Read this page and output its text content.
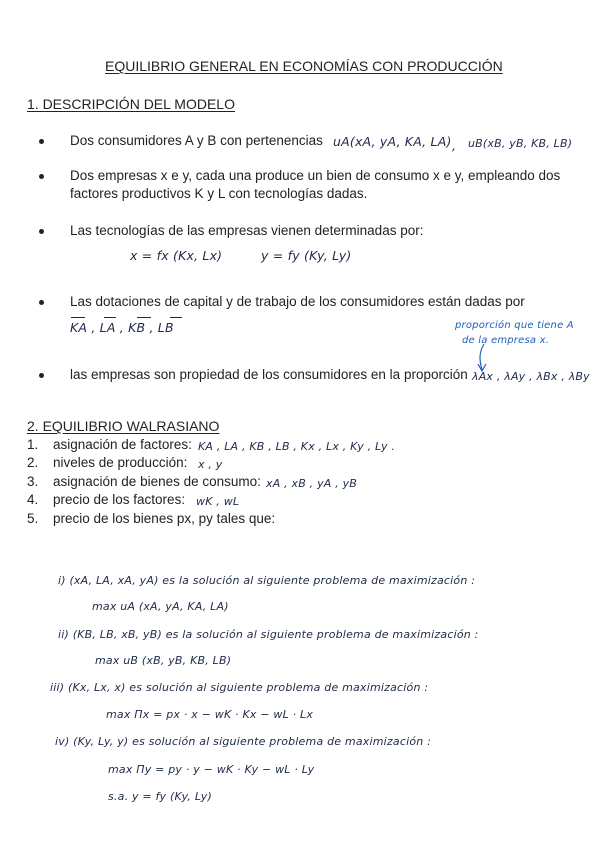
EQUILIBRIO GENERAL EN ECONOMÍAS CON PRODUCCIÓN
1. DESCRIPCIÓN DEL MODELO
Dos consumidores A y B con pertenencias uA(xA, yA, KA, LA) , uB(xB, yB, KB, LB)
Dos empresas x e y, cada una produce un bien de consumo x e y, empleando dos
factores productivos K y L con tecnologías dadas.
Las tecnologías de las empresas vienen determinadas por:
x = fx (Kx, Lx)	y = fy (Ky, Ly)
Las dotaciones de capital y de trabajo de los consumidores están dadas por
KA , LA , KB , LB	proporción que tiene A
de la empresa x.
las empresas son propiedad de los consumidores en la proporción λAx , λAy , λBx , λBy
2. EQUILIBRIO WALRASIANO
1. asignación de factores: KA , LA , KB , LB , Kx , Lx , Ky , Ly .
2. niveles de producción: x , y
3. asignación de bienes de consumo: xA , xB , yA , yB
4. precio de los factores: wK , wL
5. precio de los bienes px, py tales que:
i) (xA, LA, xA, yA) es la solución al siguiente problema de maximización :
max uA (xA, yA, KA, LA)
ii) (KB, LB, xB, yB) es la solución al siguiente problema de maximización :
max uB (xB, yB, KB, LB)
iii) (Kx, Lx, x) es solución al siguiente problema de maximización :
max Πx = px · x − wK · Kx − wL · Lx
iv) (Ky, Ly, y) es solución al siguiente problema de maximización :
max Πy = py · y − wK · Ky − wL · Ly
s.a. y = fy (Ky, Ly)
